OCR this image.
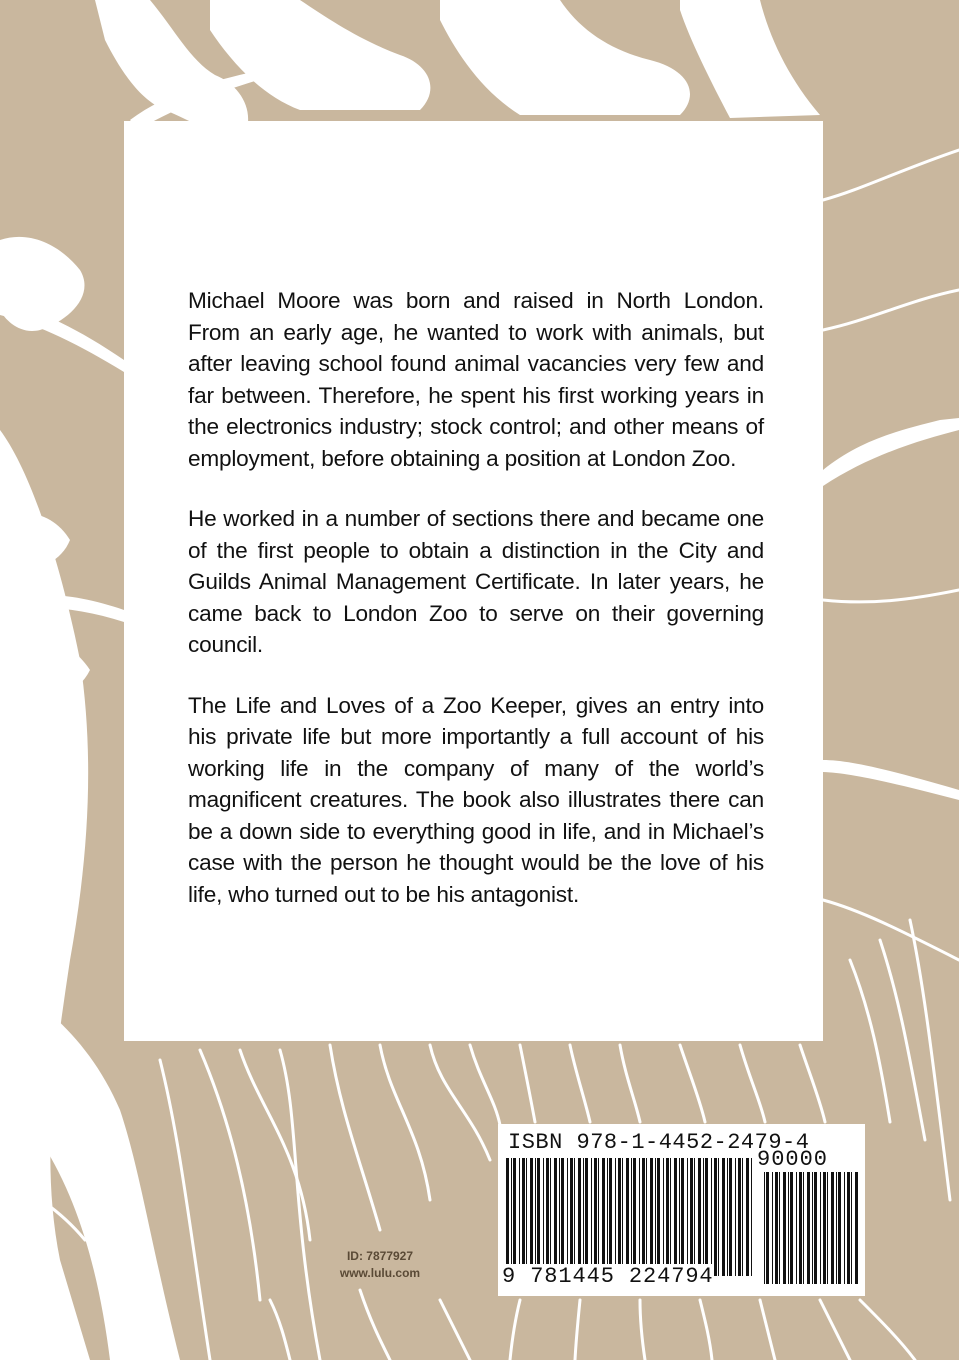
Michael Moore was born and raised in North London. From an early age, he wanted to work with animals, but after leaving school found animal vacancies very few and far between. Therefore, he spent his first working years in the electronics industry; stock control; and other means of employment, before obtaining a position at London Zoo.

He worked in a number of sections there and became one of the first people to obtain a distinction in the City and Guilds Animal Management Certificate. In later years, he came back to London Zoo to serve on their governing council.

The Life and Loves of a Zoo Keeper, gives an entry into his private life but more importantly a full account of his working life in the company of many of the world’s magnificent creatures. The book also illustrates there can be a down side to everything good in life, and in Michael’s case with the person he thought would be the love of his life, who turned out to be his antagonist.

ID: 7877927
www.lulu.com
ISBN 978-1-4452-2479-4
90000
9 781445 224794
